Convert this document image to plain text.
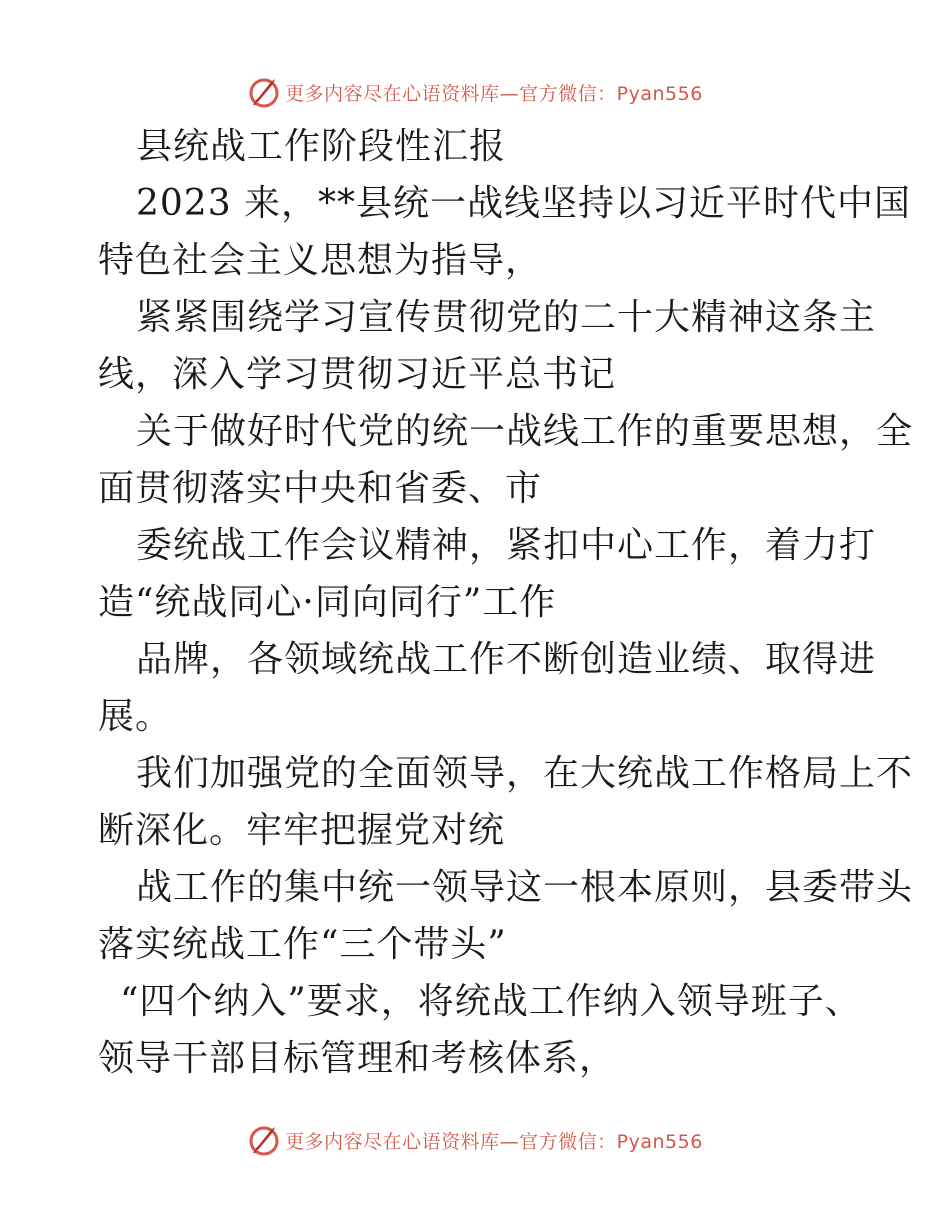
更多内容尽在心语资料库—官方微信：Pyan556
县统战工作阶段性汇报
2023 来，**县统一战线坚持以习近平时代中国
特色社会主义思想为指导，
紧紧围绕学习宣传贯彻党的二十大精神这条主
线，深入学习贯彻习近平总书记
关于做好时代党的统一战线工作的重要思想，全
面贯彻落实中央和省委、市
委统战工作会议精神，紧扣中心工作，着力打
造“统战同心·同向同行”工作
品牌，各领域统战工作不断创造业绩、取得进
展。
我们加强党的全面领导，在大统战工作格局上不
断深化。牢牢把握党对统
战工作的集中统一领导这一根本原则，县委带头
落实统战工作“三个带头”
“四个纳入”要求，将统战工作纳入领导班子、
领导干部目标管理和考核体系，
更多内容尽在心语资料库—官方微信：Pyan556
